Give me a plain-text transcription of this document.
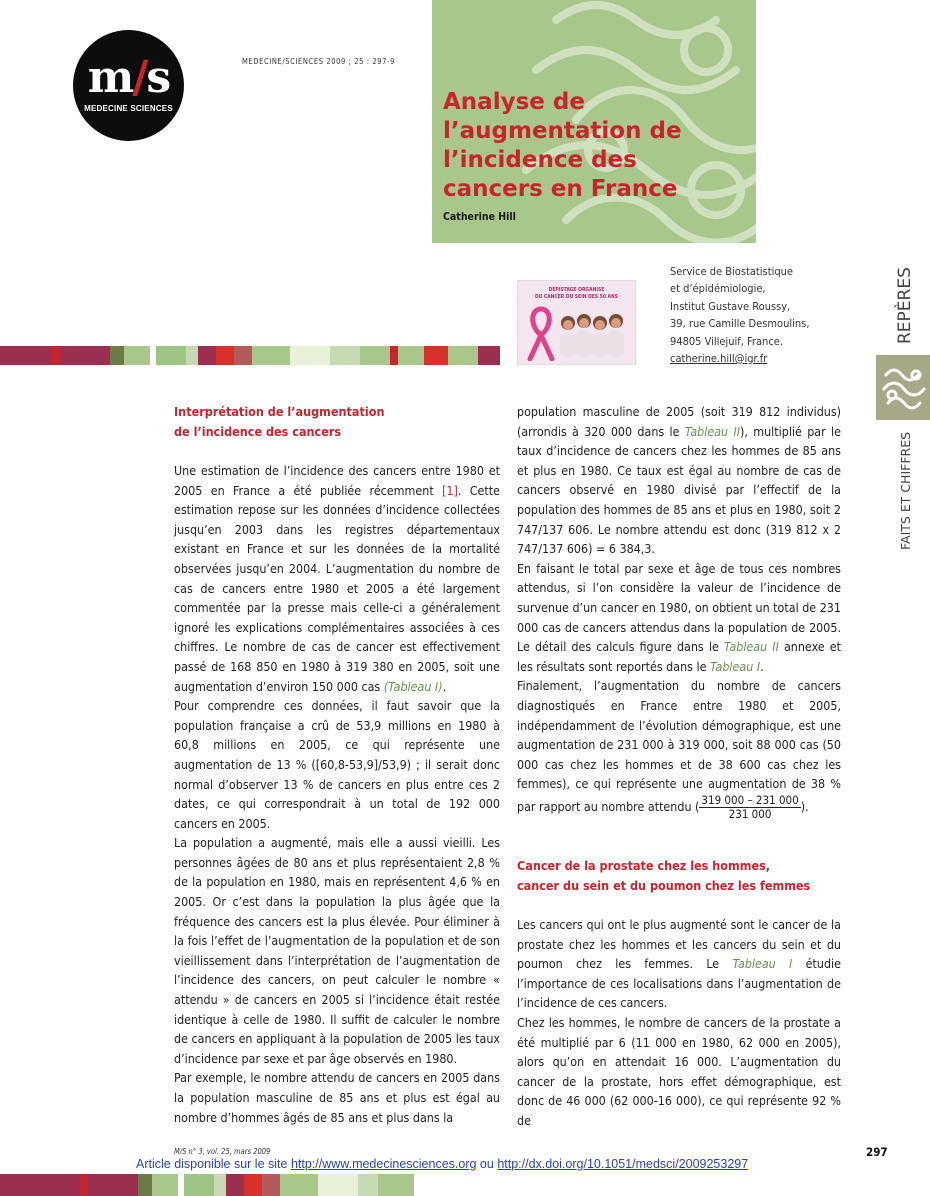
m/s
MEDECINE SCIENCES
MEDECINE/SCIENCES 2009 ; 25 : 297-9
Analyse de l’augmentation de l’incidence des cancers en France
Catherine Hill
DEPISTAGE ORGANISE
DU CANCER DU SEIN DES 50 ANS
Service de Biostatistique
et d’épidémiologie,
Institut Gustave Roussy,
39, rue Camille Desmoulins,
94805 Villejuif, France.
catherine.hill@igr.fr
REPÈRES
FAITS ET CHIFFRES
Interprétation de l’augmentation
de l’incidence des cancers

Une estimation de l’incidence des cancers entre 1980 et 2005 en France a été publiée récemment [1]. Cette estimation repose sur les données d’incidence collectées jusqu’en 2003 dans les registres départementaux existant en France et sur les données de la mortalité observées jusqu’en 2004. L’augmentation du nombre de cas de cancers entre 1980 et 2005 a été largement commentée par la presse mais celle-ci a généralement ignoré les explications complémentaires associées à ces chiffres. Le nombre de cas de cancer est effectivement passé de 168 850 en 1980 à 319 380 en 2005, soit une augmentation d’environ 150 000 cas (Tableau I).

Pour comprendre ces données, il faut savoir que la population française a crû de 53,9 millions en 1980 à 60,8 millions en 2005, ce qui représente une augmentation de 13 % ([60,8-53,9]/53,9) ; il serait donc normal d’observer 13 % de cancers en plus entre ces 2 dates, ce qui correspondrait à un total de 192 000 cancers en 2005.

La population a augmenté, mais elle a aussi vieilli. Les personnes âgées de 80 ans et plus représentaient 2,8 % de la population en 1980, mais en représentent 4,6 % en 2005. Or c’est dans la population la plus âgée que la fréquence des cancers est la plus élevée. Pour éliminer à la fois l’effet de l’augmentation de la population et de son vieillissement dans l’interprétation de l’augmentation de l’incidence des cancers, on peut calculer le nombre « attendu » de cancers en 2005 si l’incidence était restée identique à celle de 1980. Il suffit de calculer le nombre de cancers en appliquant à la population de 2005 les taux d’incidence par sexe et par âge observés en 1980.

Par exemple, le nombre attendu de cancers en 2005 dans la population masculine de 85 ans et plus est égal au nombre d’hommes âgés de 85 ans et plus dans la

population masculine de 2005 (soit 319 812 individus) (arrondis à 320 000 dans le Tableau II), multiplié par le taux d’incidence de cancers chez les hommes de 85 ans et plus en 1980. Ce taux est égal au nombre de cas de cancers observé en 1980 divisé par l’effectif de la population des hommes de 85 ans et plus en 1980, soit 2 747/137 606. Le nombre attendu est donc (319 812 x 2 747/137 606) = 6 384,3.

En faisant le total par sexe et âge de tous ces nombres attendus, si l’on considère la valeur de l’incidence de survenue d’un cancer en 1980, on obtient un total de 231 000 cas de cancers attendus dans la population de 2005. Le détail des calculs figure dans le Tableau II annexe et les résultats sont reportés dans le Tableau I.

Finalement, l’augmentation du nombre de cancers diagnostiqués en France entre 1980 et 2005, indépendamment de l’évolution démographique, est une augmentation de 231 000 à 319 000, soit 88 000 cas (50 000 cas chez les hommes et de 38 600 cas chez les femmes), ce qui représente une augmentation de 38 % par rapport au nombre attendu ( $\frac{319 000 - 231 000}{231 000}$ ).

Cancer de la prostate chez les hommes,
cancer du sein et du poumon chez les femmes

Les cancers qui ont le plus augmenté sont le cancer de la prostate chez les hommes et les cancers du sein et du poumon chez les femmes. Le Tableau I étudie l’importance de ces localisations dans l’augmentation de l’incidence de ces cancers.

Chez les hommes, le nombre de cancers de la prostate a été multiplié par 6 (11 000 en 1980, 62 000 en 2005), alors qu’on en attendait 16 000. L’augmentation du cancer de la prostate, hors effet démographique, est donc de 46 000 (62 000-16 000), ce qui représente 92 % de

M/S n° 3, vol. 25, mars 2009	297
Article disponible sur le site http://www.medecinesciences.org ou http://dx.doi.org/10.1051/medsci/2009253297
